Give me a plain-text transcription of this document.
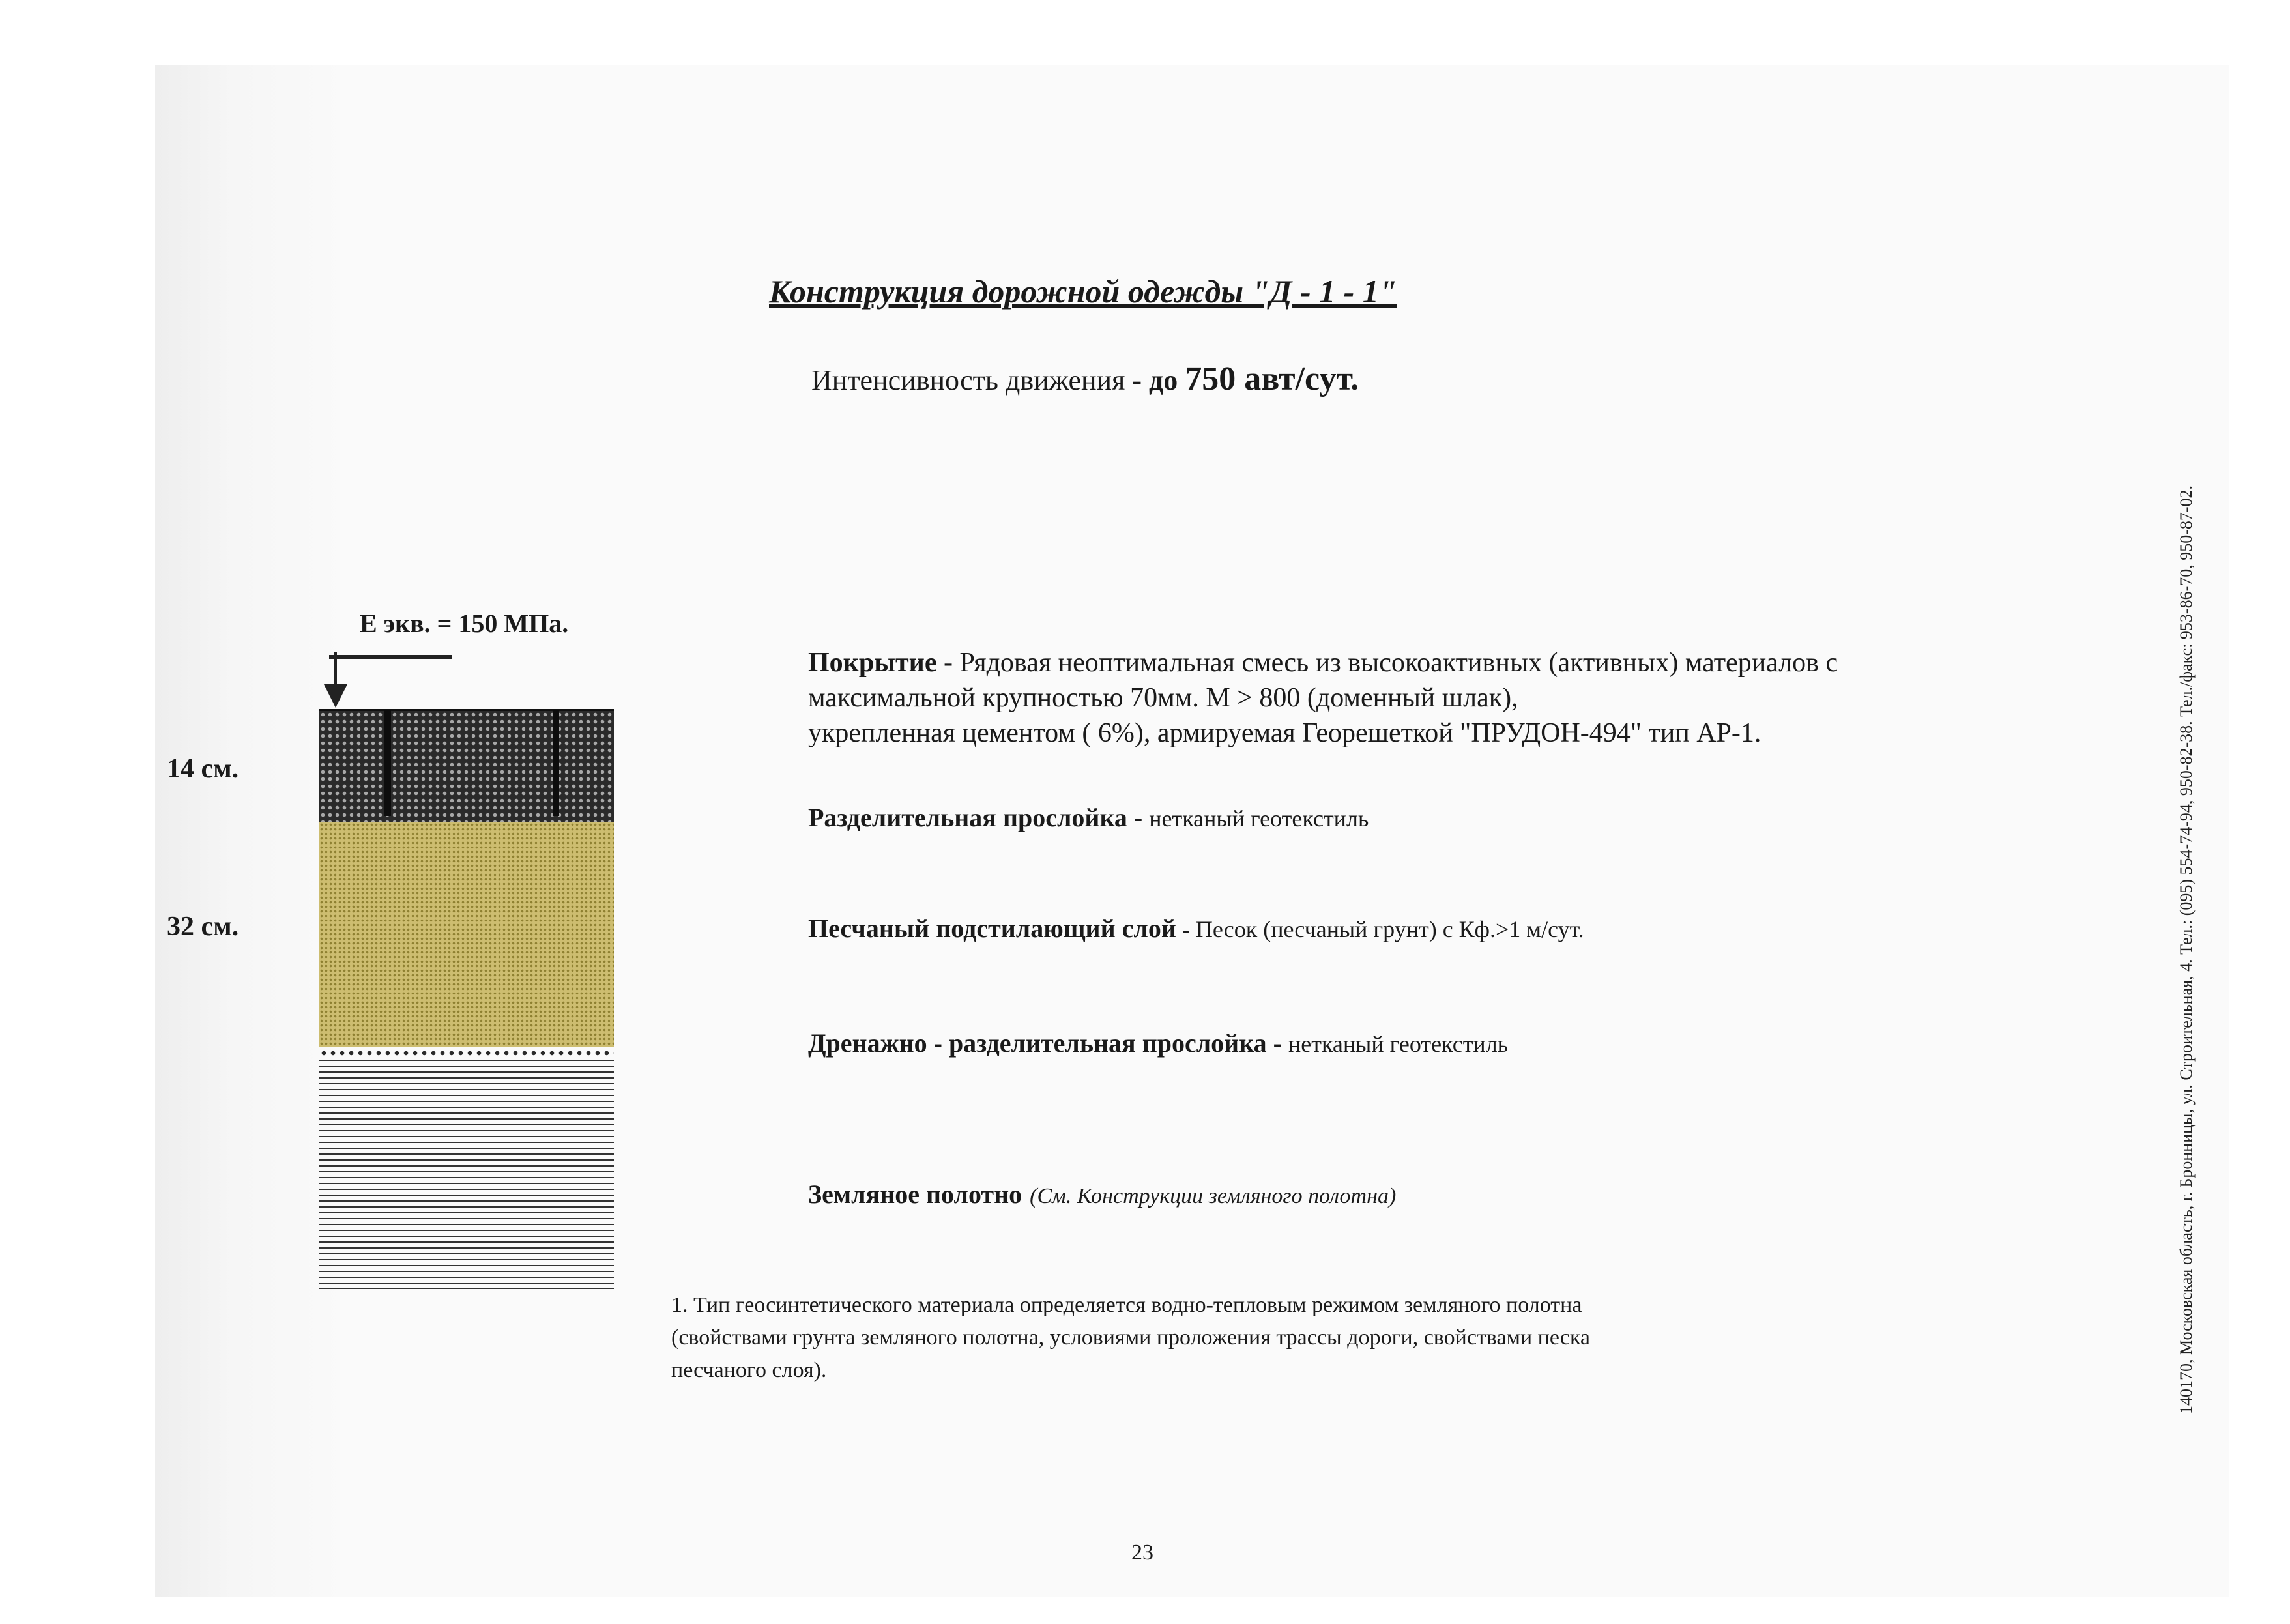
Конструкция дорожной одежды "Д - 1 - 1"
Интенсивность движения - до 750 авт/сут.
Е экв. = 150 МПа.
14 см.
32 см.
Покрытие - Рядовая неоптимальная смесь из высокоактивных (активных) материалов с
максимальной крупностью 70мм. М > 800 (доменный шлак),
укрепленная цементом ( 6%), армируемая Георешеткой "ПРУДОН-494" тип АР-1.
Разделительная прослойка - нетканый геотекстиль
Песчаный подстилающий слой - Песок (песчаный грунт) с Кф.>1 м/сут.
Дренажно - разделительная прослойка - нетканый геотекстиль
Земляное полотно (См. Конструкции земляного полотна)
1. Тип геосинтетического материала определяется водно-тепловым режимом земляного полотна
(свойствами грунта земляного полотна, условиями проложения трассы дороги, свойствами песка
песчаного слоя).
23
140170, Московская область, г. Бронницы, ул. Строительная, 4. Тел.: (095) 554-74-94, 950-82-38. Тел./факс: 953-86-70, 950-87-02.
